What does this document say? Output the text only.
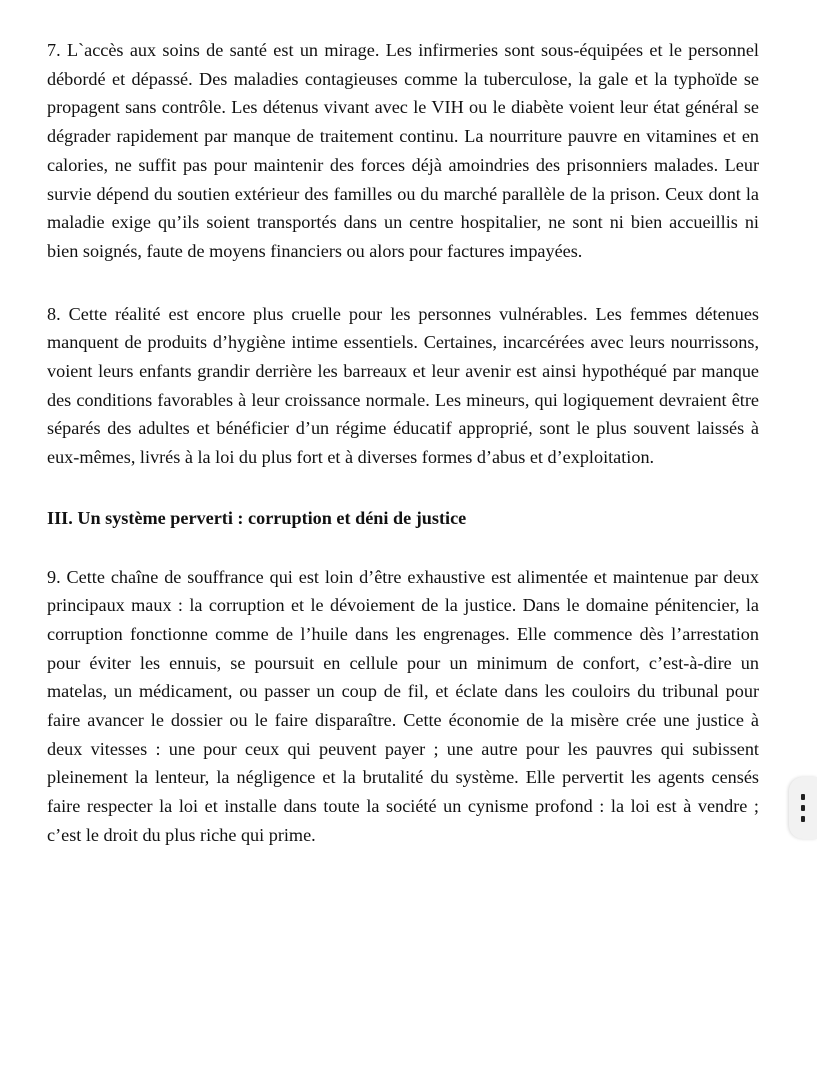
7. L`accès aux soins de santé est un mirage. Les infirmeries sont sous-équipées et le personnel débordé et dépassé. Des maladies contagieuses comme la tuberculose, la gale et la typhoïde se propagent sans contrôle. Les détenus vivant avec le VIH ou le diabète voient leur état général se dégrader rapidement par manque de traitement continu. La nourriture pauvre en vitamines et en calories, ne suffit pas pour maintenir des forces déjà amoindries des prisonniers malades. Leur survie dépend du soutien extérieur des familles ou du marché parallèle de la prison. Ceux dont la maladie exige qu’ils soient transportés dans un centre hospitalier, ne sont ni bien accueillis ni bien soignés, faute de moyens financiers ou alors pour factures impayées.

8. Cette réalité est encore plus cruelle pour les personnes vulnérables. Les femmes détenues manquent de produits d’hygiène intime essentiels. Certaines, incarcérées avec leurs nourrissons, voient leurs enfants grandir derrière les barreaux et leur avenir est ainsi hypothéqué par manque des conditions favorables à leur croissance normale. Les mineurs, qui logiquement devraient être séparés des adultes et bénéficier d’un régime éducatif approprié, sont le plus souvent laissés à eux-mêmes, livrés à la loi du plus fort et à diverses formes d’abus et d’exploitation.

III. Un système perverti : corruption et déni de justice

9. Cette chaîne de souffrance qui est loin d’être exhaustive est alimentée et maintenue par deux principaux maux : la corruption et le dévoiement de la justice. Dans le domaine pénitencier, la corruption fonctionne comme de l’huile dans les engrenages. Elle commence dès l’arrestation pour éviter les ennuis, se poursuit en cellule pour un minimum de confort, c’est-à-dire un matelas, un médicament, ou passer un coup de fil, et éclate dans les couloirs du tribunal pour faire avancer le dossier ou le faire disparaître. Cette économie de la misère crée une justice à deux vitesses : une pour ceux qui peuvent payer ; une autre pour les pauvres qui subissent pleinement la lenteur, la négligence et la brutalité du système. Elle pervertit les agents censés faire respecter la loi et installe dans toute la société un cynisme profond : la loi est à vendre ; c’est le droit du plus riche qui prime.
